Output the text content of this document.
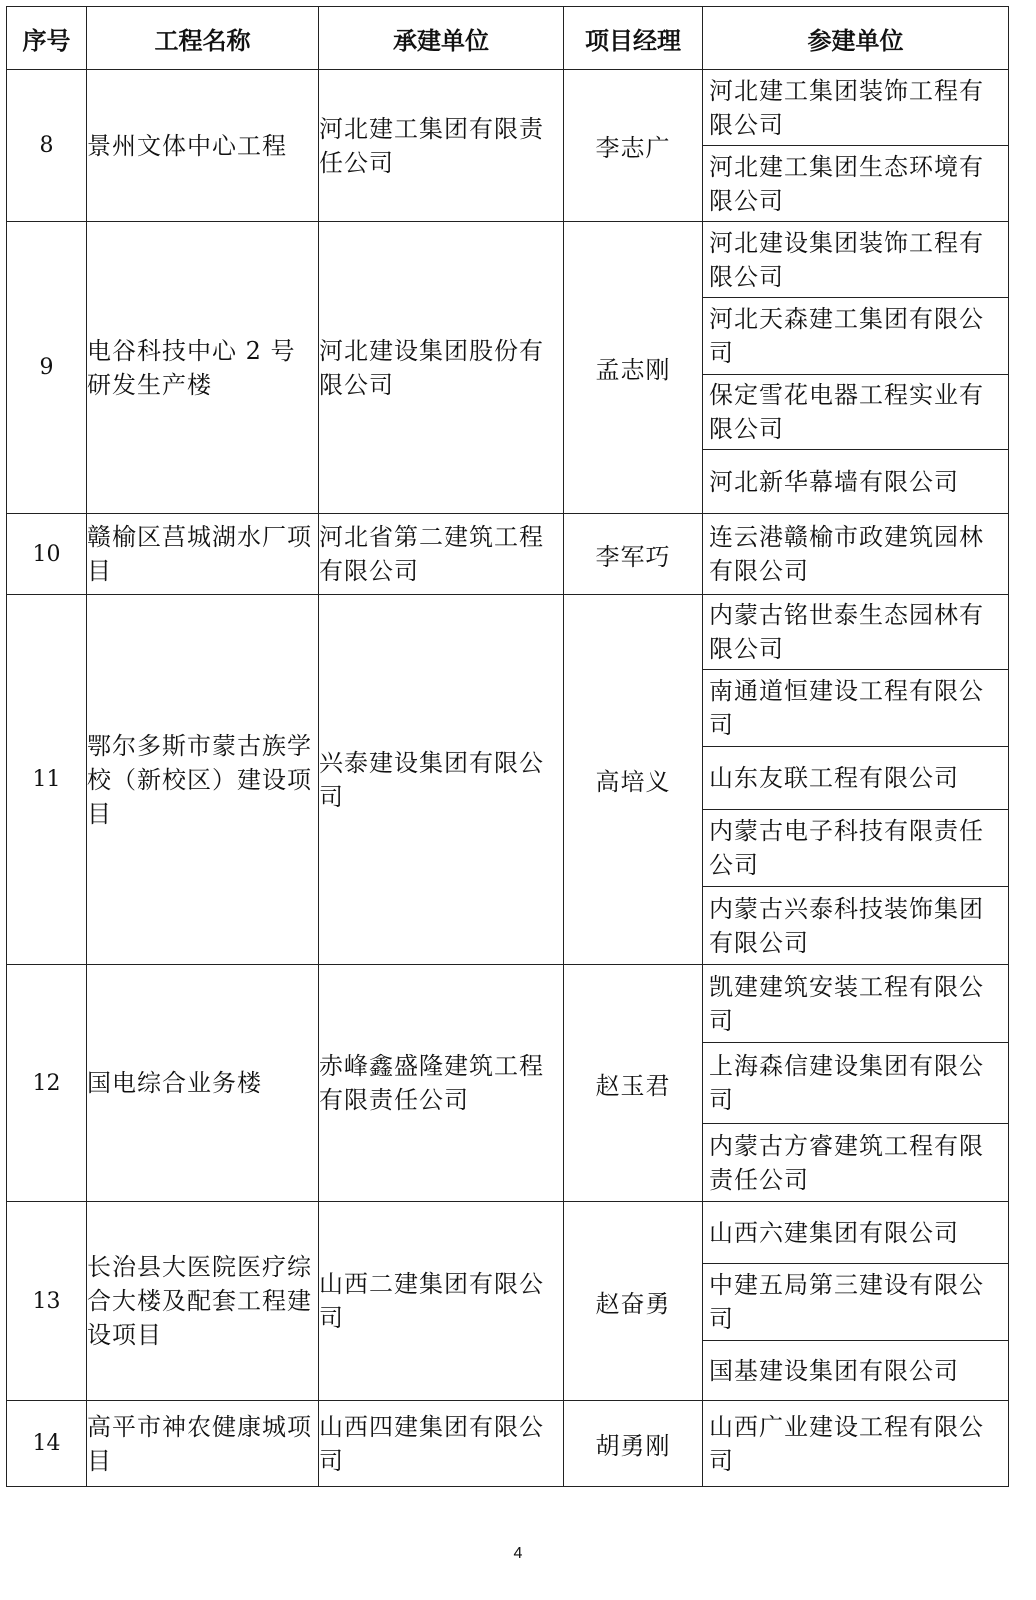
序号	工程名称	承建单位	项目经理	参建单位
8	景州文体中心工程	河北建工集团有限责任公司	李志广	河北建工集团装饰工程有限公司
河北建工集团生态环境有限公司

9	电谷科技中心 2 号研发生产楼	河北建设集团股份有限公司	孟志刚	河北建设集团装饰工程有限公司
河北天森建工集团有限公司
保定雪花电器工程实业有限公司
河北新华幕墙有限公司

10	赣榆区莒城湖水厂项目	河北省第二建筑工程有限公司	李军巧	连云港赣榆市政建筑园林有限公司

11	鄂尔多斯市蒙古族学校（新校区）建设项目	兴泰建设集团有限公司	高培义	内蒙古铭世泰生态园林有限公司
南通道恒建设工程有限公司
山东友联工程有限公司
内蒙古电子科技有限责任公司
内蒙古兴泰科技装饰集团有限公司

12	国电综合业务楼	赤峰鑫盛隆建筑工程有限责任公司	赵玉君	凯建建筑安装工程有限公司
上海森信建设集团有限公司
内蒙古方睿建筑工程有限责任公司

13	长治县大医院医疗综合大楼及配套工程建设项目	山西二建集团有限公司	赵奋勇	山西六建集团有限公司
中建五局第三建设有限公司
国基建设集团有限公司

14	高平市神农健康城项目	山西四建集团有限公司	胡勇刚	山西广业建设工程有限公司
4
